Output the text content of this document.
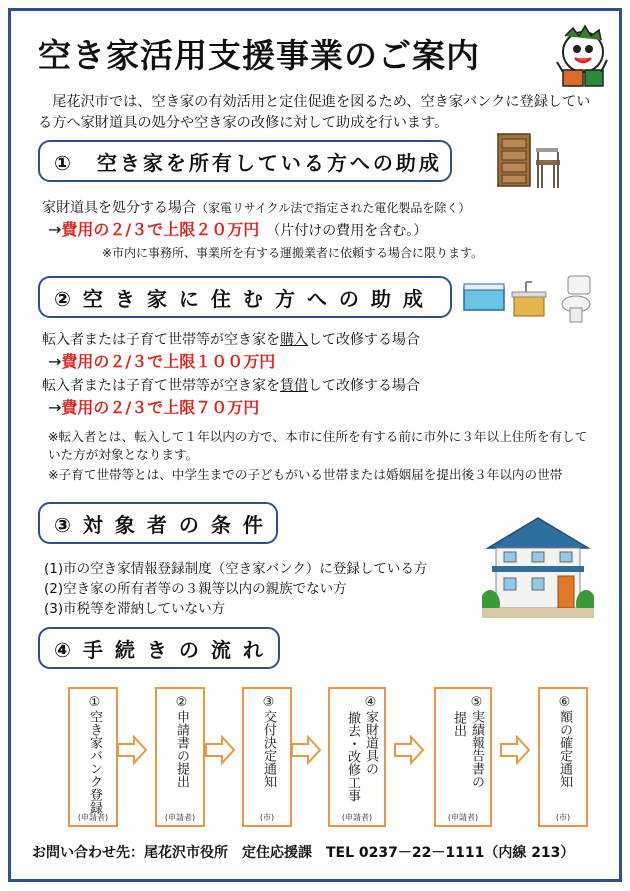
空き家活用支援事業のご案内
尾花沢市では、空き家の有効活用と定住促進を図るため、空き家バンクに登録している方へ家財道具の処分や空き家の改修に対して助成を行います。
①　空き家を所有している方への助成
家財道具を処分する場合（家電リサイクル法で指定された電化製品を除く）
→費用の２/３で上限２０万円　 （片付けの費用を含む。）
※市内に事務所、事業所を有する運搬業者に依頼する場合に限ります。
②空き家に住む方への助成
転入者または子育て世帯等が空き家を購入して改修する場合
→費用の２/３で上限１００万円
転入者または子育て世帯等が空き家を賃借して改修する場合
→費用の２/３で上限７０万円
※転入者とは、転入して１年以内の方で、本市に住所を有する前に市外に３年以上住所を有していた方が対象となります。
※子育て世帯等とは、中学生までの子どもがいる世帯または婚姻届を提出後３年以内の世帯
③対象者の条件
(1)市の空き家情報登録制度（空き家バンク）に登録している方
(2)空き家の所有者等の３親等以内の親族でない方
(3)市税等を滞納していない方
④手続きの流れ
①空き家バンク登録
(申請者)
②申請書の提出
(申請者)
③交付決定通知
(市)
④家財道具の
撤去・改修工事
(申請者)
⑤実績報告書の
提出
(申請者)
⑥額の確定通知
(市)
お問い合わせ先：尾花沢市役所　定住応援課　TEL 0237－22－1111（内線 213）
